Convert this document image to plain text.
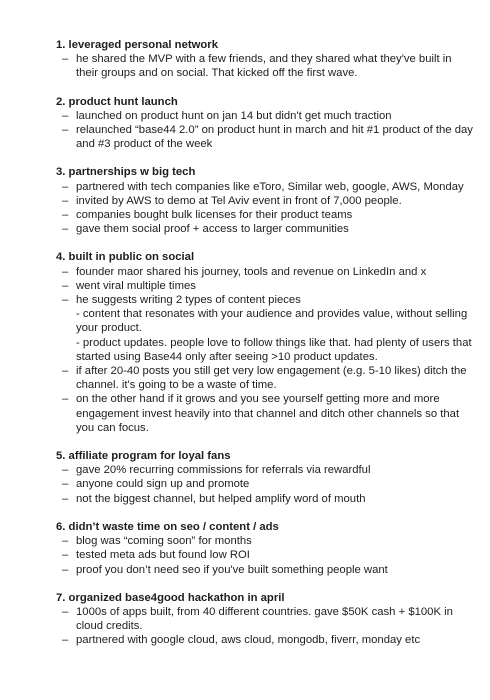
1. leveraged personal network
– he shared the MVP with a few friends, and they shared what they've built in their groups and on social. That kicked off the first wave.
2. product hunt launch
– launched on product hunt on jan 14 but didn't get much traction
– relaunched “base44 2.0” on product hunt in march and hit #1 product of the day and #3 product of the week
3. partnerships w big tech
– partnered with tech companies like eToro, Similar web, google, AWS, Monday
– invited by AWS to demo at Tel Aviv event in front of 7,000 people.
– companies bought bulk licenses for their product teams
– gave them social proof + access to larger communities
4. built in public on social
– founder maor shared his journey, tools and revenue on LinkedIn and x
– went viral multiple times
– he suggests writing 2 types of content pieces
- content that resonates with your audience and provides value, without selling your product.
- product updates. people love to follow things like that. had plenty of users that started using Base44 only after seeing >10 product updates.
– if after 20-40 posts you still get very low engagement (e.g. 5-10 likes) ditch the channel. it's going to be a waste of time.
– on the other hand if it grows and you see yourself getting more and more engagement invest heavily into that channel and ditch other channels so that you can focus.
5. affiliate program for loyal fans
– gave 20% recurring commissions for referrals via rewardful
– anyone could sign up and promote
– not the biggest channel, but helped amplify word of mouth
6. didn’t waste time on seo / content / ads
– blog was “coming soon” for months
– tested meta ads but found low ROI
– proof you don’t need seo if you've built something people want
7. organized base4good hackathon in april
– 1000s of apps built, from 40 different countries. gave $50K cash + $100K in cloud credits.
– partnered with google cloud, aws cloud, mongodb, fiverr, monday etc
